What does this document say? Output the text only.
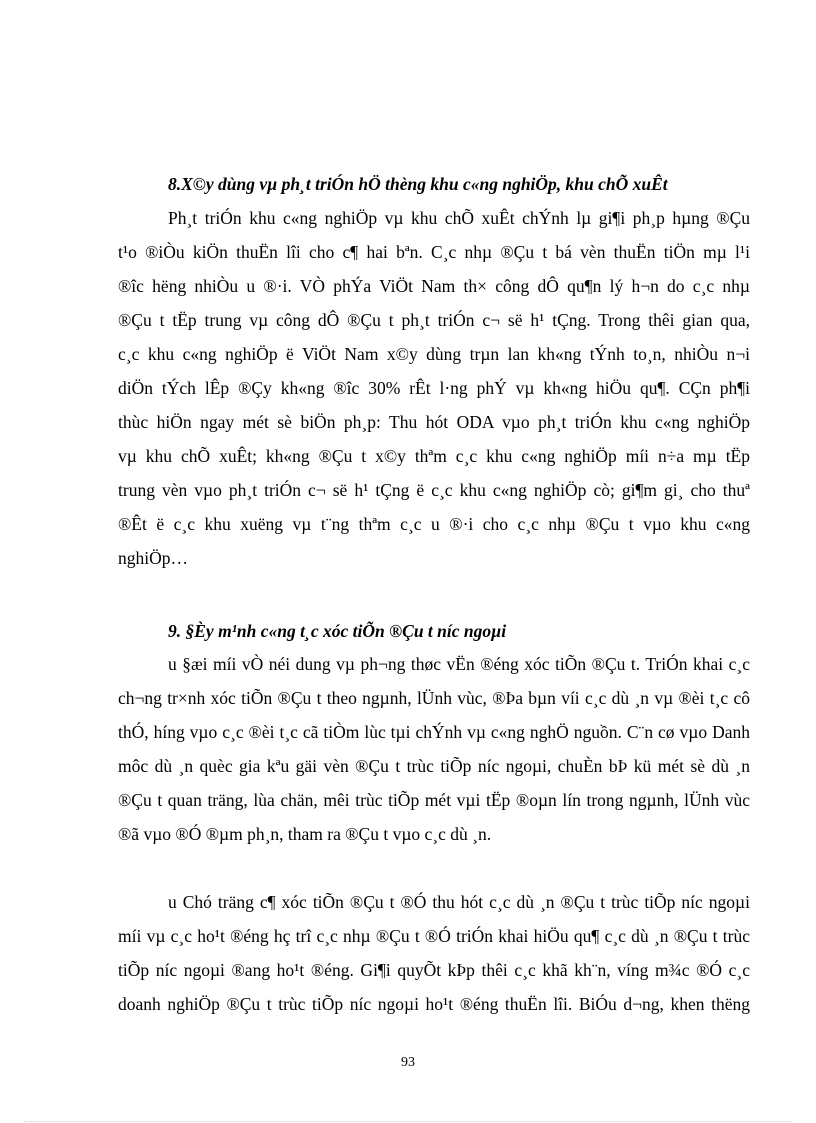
8.X©y dùng vµ ph¸t triÓn hÖ thèng khu c«ng nghiÖp, khu chÕ xuÊt

Ph¸t triÓn khu c«ng nghiÖp vµ khu chÕ xuÊt chÝnh lµ gi¶i ph¸p hµng ®Çu

t¹o ®iÒu kiÖn thuËn lîi cho c¶ hai bªn. C¸c nhµ ®Çu t bá vèn thuËn tiÖn mµ l¹i

®îc hëng nhiÒu u ®·i. VÒ phÝa ViÖt Nam th× công dÔ qu¶n lý h¬n do c¸c nhµ

®Çu t tËp trung vµ công dÔ ®Çu t ph¸t triÓn c¬ së h¹ tÇng. Trong thêi gian qua,

c¸c khu c«ng nghiÖp ë ViÖt Nam x©y dùng trµn lan kh«ng tÝnh to¸n, nhiÒu n¬i

diÖn tÝch lÊp ®Çy kh«ng ®îc 30% rÊt l·ng phÝ vµ kh«ng hiÖu qu¶. CÇn ph¶i

thùc hiÖn ngay mét sè biÖn ph¸p: Thu hót ODA vµo ph¸t triÓn khu c«ng nghiÖp

vµ khu chÕ xuÊt; kh«ng ®Çu t x©y thªm c¸c khu c«ng nghiÖp míi n÷a mµ tËp

trung vèn vµo ph¸t triÓn c¬ së h¹ tÇng ë c¸c khu c«ng nghiÖp cò; gi¶m gi¸ cho thuª

®Êt ë c¸c khu xuëng vµ t¨ng thªm c¸c u ®·i cho c¸c nhµ ®Çu t vµo khu c«ng

nghiÖp…

9. §Èy m¹nh c«ng t¸c xóc tiÕn ®Çu t níc ngoµi

u §æi míi vÒ néi dung vµ ph¬ng thøc vËn ®éng xóc tiÕn ®Çu t. TriÓn khai c¸c

ch¬ng tr×nh xóc tiÕn ®Çu t theo ngµnh, lÜnh vùc, ®Þa bµn víi c¸c dù ¸n vµ ®èi t¸c cô

thÓ, híng vµo c¸c ®èi t¸c cã tiÒm lùc tµi chÝnh vµ c«ng nghÖ nguồn. C¨n cø vµo Danh

môc dù ¸n quèc gia kªu gäi vèn ®Çu t trùc tiÕp níc ngoµi, chuÈn bÞ kü mét sè dù ¸n

®Çu t quan träng, lùa chän, mêi trùc tiÕp mét vµi tËp ®oµn lín trong ngµnh, lÜnh vùc

®ã vµo ®Ó ®µm ph¸n, tham ra ®Çu t vµo c¸c dù ¸n.

u Chó träng c¶ xóc tiÕn ®Çu t ®Ó thu hót c¸c dù ¸n ®Çu t trùc tiÕp níc ngoµi

míi vµ c¸c ho¹t ®éng hç trî c¸c nhµ ®Çu t ®Ó triÓn khai hiÖu qu¶ c¸c dù ¸n ®Çu t trùc

tiÕp níc ngoµi ®ang ho¹t ®éng. Gi¶i quyÕt kÞp thêi c¸c khã kh¨n, víng m¾c ®Ó c¸c

doanh nghiÖp ®Çu t trùc tiÕp níc ngoµi ho¹t ®éng thuËn lîi. BiÓu d¬ng, khen thëng

93
